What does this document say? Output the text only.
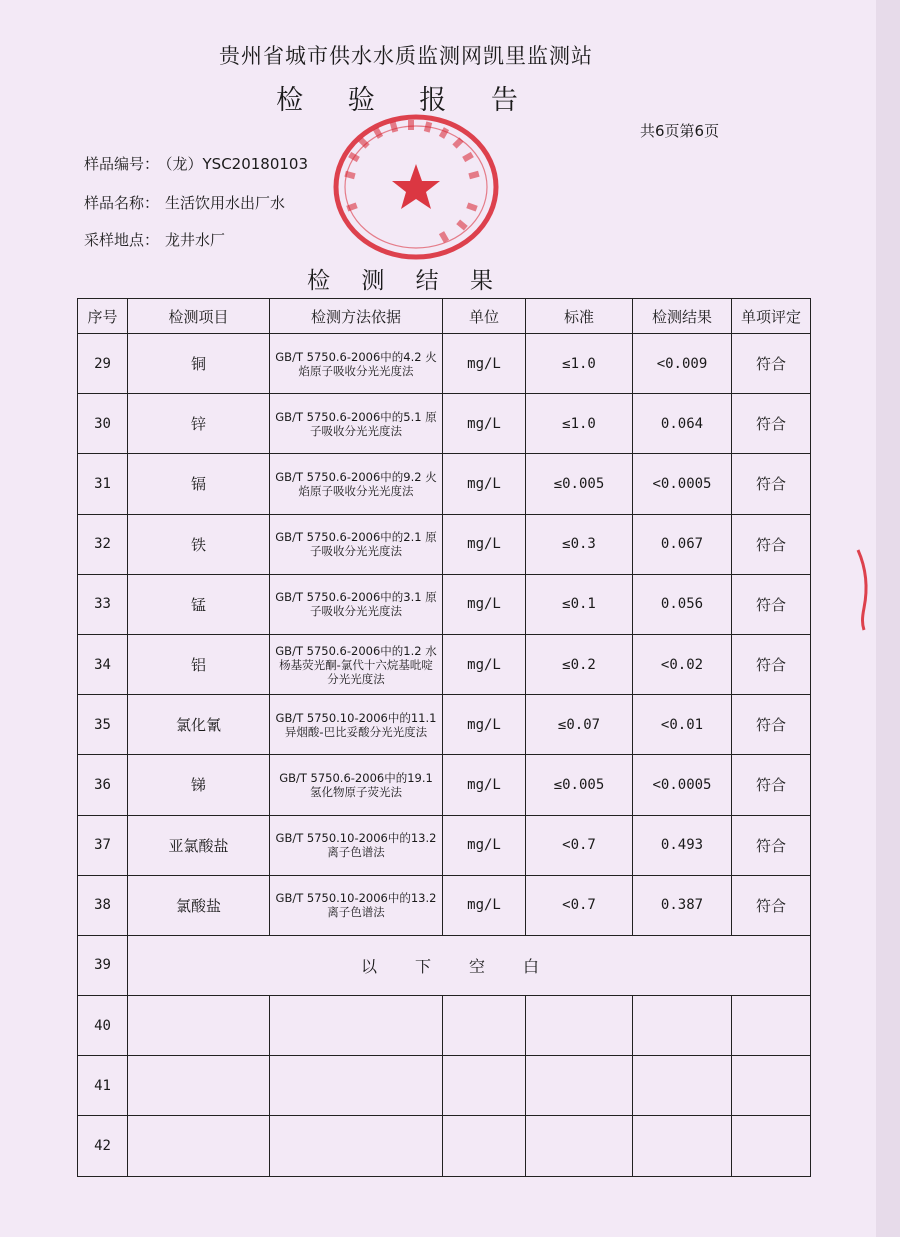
贵州省城市供水水质监测网凯里监测站
检 验 报 告
共6页第6页
样品编号： （龙）YSC20180103
样品名称： 生活饮用水出厂水
采样地点： 龙井水厂
检 测 结 果
序号	检测项目	检测方法依据	单位	标准	检测结果	单项评定
29	铜	GB/T 5750.6-2006中的4.2 火焰原子吸收分光光度法	mg/L	≤1.0	<0.009	符合
30	锌	GB/T 5750.6-2006中的5.1 原子吸收分光光度法	mg/L	≤1.0	0.064	符合
31	镉	GB/T 5750.6-2006中的9.2 火焰原子吸收分光光度法	mg/L	≤0.005	<0.0005	符合
32	铁	GB/T 5750.6-2006中的2.1 原子吸收分光光度法	mg/L	≤0.3	0.067	符合
33	锰	GB/T 5750.6-2006中的3.1 原子吸收分光光度法	mg/L	≤0.1	0.056	符合
34	铝	GB/T 5750.6-2006中的1.2 水杨基荧光酮-氯代十六烷基吡啶分光光度法	mg/L	≤0.2	<0.02	符合
35	氯化氰	GB/T 5750.10-2006中的11.1 异烟酸-巴比妥酸分光光度法	mg/L	≤0.07	<0.01	符合
36	锑	GB/T 5750.6-2006中的19.1 氢化物原子荧光法	mg/L	≤0.005	<0.0005	符合
37	亚氯酸盐	GB/T 5750.10-2006中的13.2 离子色谱法	mg/L	<0.7	0.493	符合
38	氯酸盐	GB/T 5750.10-2006中的13.2 离子色谱法	mg/L	<0.7	0.387	符合
39	以下空白					
40						
41						
42						
